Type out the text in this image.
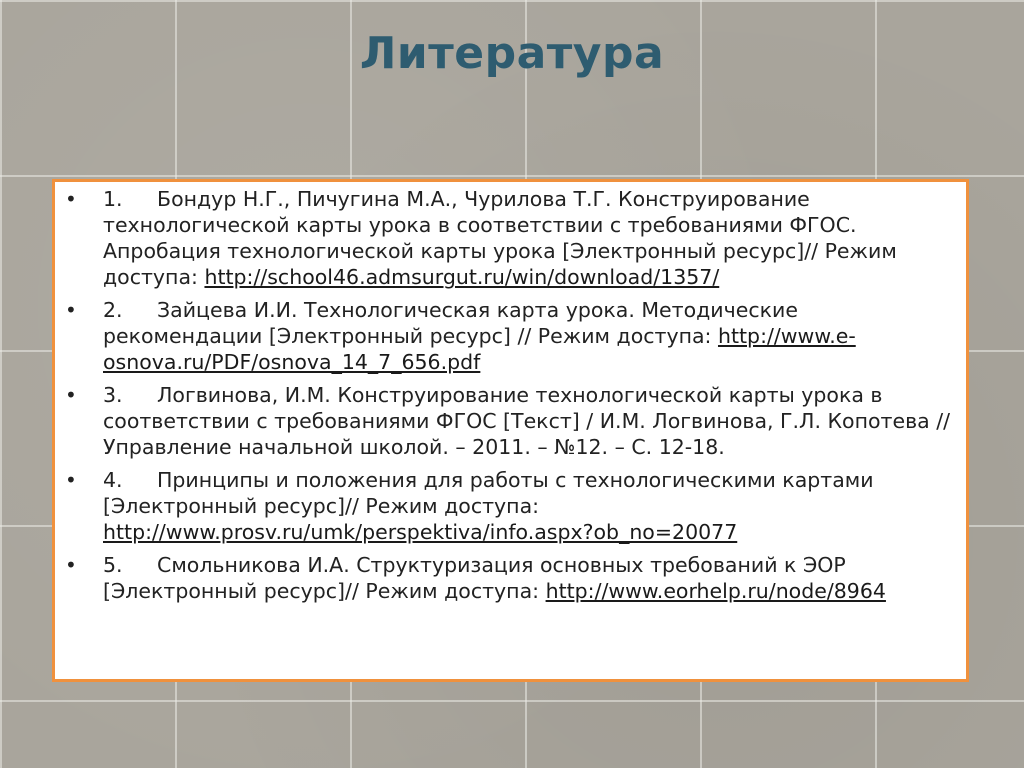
Литература
•	1. Бондур Н.Г., Пичугина М.А., Чурилова Т.Г. Конструирование технологической карты урока в соответствии с требованиями ФГОС. Апробация технологической карты урока [Электронный ресурс]// Режим доступа: http://school46.admsurgut.ru/win/download/1357/
•	2. Зайцева И.И. Технологическая карта урока. Методические рекомендации [Электронный ресурс] // Режим доступа: http://www.e-osnova.ru/PDF/osnova_14_7_656.pdf
•	3. Логвинова, И.М. Конструирование технологической карты урока в соответствии с требованиями ФГОС [Текст] / И.М. Логвинова, Г.Л. Копотева // Управление начальной школой. – 2011. – №12. – С. 12-18.
•	4. Принципы и положения для работы с технологическими картами [Электронный ресурс]// Режим доступа: http://www.prosv.ru/umk/perspektiva/info.aspx?ob_no=20077
•	5. Смольникова И.А. Структуризация основных требований к ЭОР [Электронный ресурс]// Режим доступа: http://www.eorhelp.ru/node/8964
